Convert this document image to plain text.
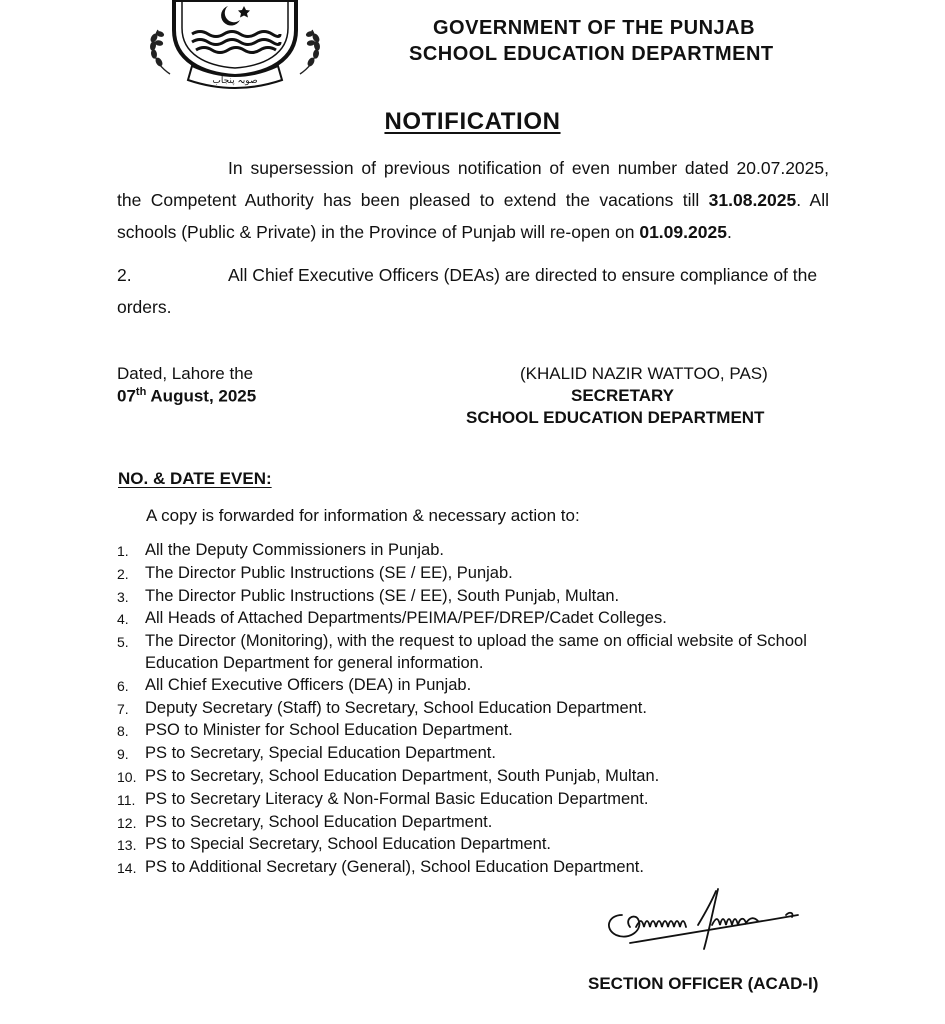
صوبہ پنجاب
GOVERNMENT OF THE PUNJAB
SCHOOL EDUCATION DEPARTMENT
NOTIFICATION
In supersession of previous notification of even number dated 20.07.2025, the Competent Authority has been pleased to extend the vacations till 31.08.2025. All schools (Public & Private) in the Province of Punjab will re-open on 01.09.2025.
2.	All Chief Executive Officers (DEAs) are directed to ensure compliance of the orders.
Dated, Lahore the
07th August, 2025
(KHALID NAZIR WATTOO, PAS)
SECRETARY
SCHOOL EDUCATION DEPARTMENT
NO. & DATE EVEN:
A copy is forwarded for information & necessary action to:
1. All the Deputy Commissioners in Punjab.
2. The Director Public Instructions (SE / EE), Punjab.
3. The Director Public Instructions (SE / EE), South Punjab, Multan.
4. All Heads of Attached Departments/PEIMA/PEF/DREP/Cadet Colleges.
5. The Director (Monitoring), with the request to upload the same on official website of School Education Department for general information.
6. All Chief Executive Officers (DEA) in Punjab.
7. Deputy Secretary (Staff) to Secretary, School Education Department.
8. PSO to Minister for School Education Department.
9. PS to Secretary, Special Education Department.
10. PS to Secretary, School Education Department, South Punjab, Multan.
11. PS to Secretary Literacy & Non-Formal Basic Education Department.
12. PS to Secretary, School Education Department.
13. PS to Special Secretary, School Education Department.
14. PS to Additional Secretary (General), School Education Department.
SECTION OFFICER (ACAD-I)
